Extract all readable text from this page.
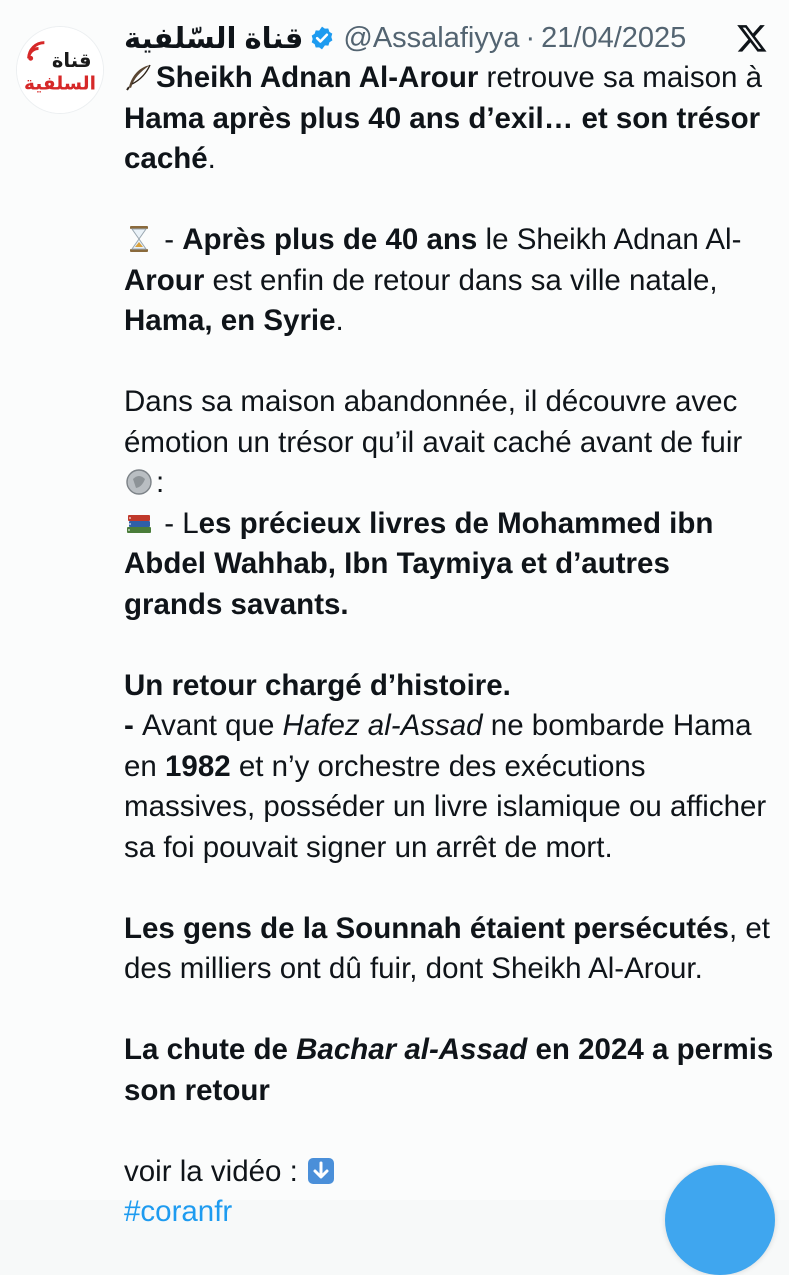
قناة
السلفية
قناة السّلفية @Assalafiyya · 21/04/2025

Sheikh Adnan Al-Arour retrouve sa maison à Hama après plus 40 ans d’exil… et son trésor caché.

- Après plus de 40 ans le Sheikh Adnan Al-Arour est enfin de retour dans sa ville natale, Hama, en Syrie.

Dans sa maison abandonnée, il découvre avec émotion un trésor qu’il avait caché avant de fuir
:

- Les précieux livres de Mohammed ibn Abdel Wahhab, Ibn Taymiya et d’autres grands savants.

Un retour chargé d’histoire.

- Avant que Hafez al-Assad ne bombarde Hama en 1982 et n’y orchestre des exécutions massives, posséder un livre islamique ou afficher sa foi pouvait signer un arrêt de mort.

Les gens de la Sounnah étaient persécutés, et des milliers ont dû fuir, dont Sheikh Al-Arour.

La chute de Bachar al-Assad en 2024 a permis son retour

voir la vidéo :

#coranfr
